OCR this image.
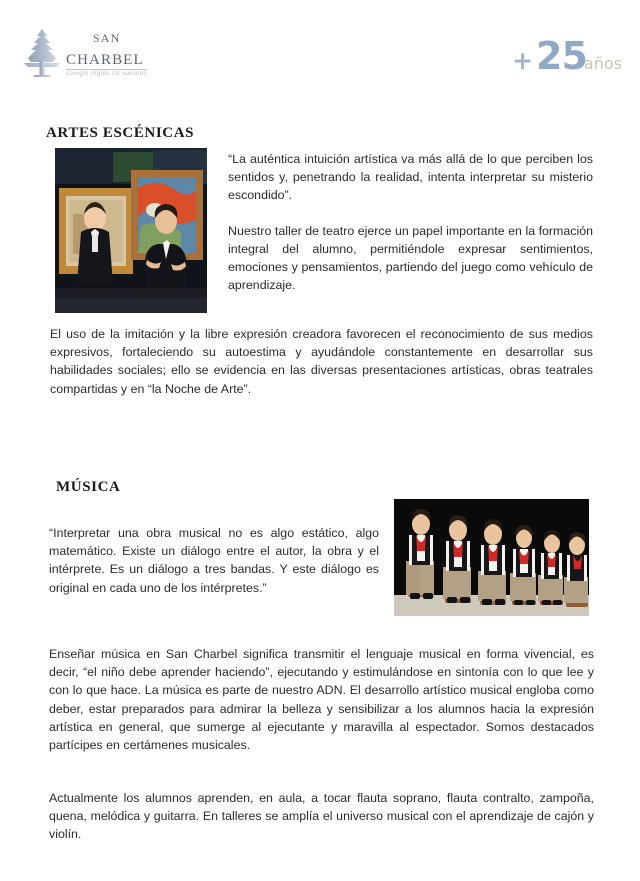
san
charbel
colegio inglés de varones	+ 25
años
ARTES ESCÉNICAS

“La auténtica intuición artística va más allá de lo que perciben los sentidos y, penetrando la realidad, intenta interpretar su misterio escondido”.

Nuestro taller de teatro ejerce un papel importante en la formación integral del alumno, permitiéndole expresar sentimientos, emociones y pensamientos, partiendo del juego como vehículo de aprendizaje.

El uso de la imitación y la libre expresión creadora favorecen el reconocimiento de sus medios expresivos, fortaleciendo su autoestima y ayudándole constantemente en desarrollar sus habilidades sociales; ello se evidencia en las diversas presentaciones artísticas, obras teatrales compartidas y en “la Noche de Arte”.

MÚSICA

“Interpretar una obra musical no es algo estático, algo matemático. Existe un diálogo entre el autor, la obra y el intérprete. Es un diálogo a tres bandas. Y este diálogo es original en cada uno de los intérpretes.”

Enseñar música en San Charbel significa transmitir el lenguaje musical en forma vivencial, es decir, “el niño debe aprender haciendo”, ejecutando y estimulándose en sintonía con lo que lee y con lo que hace. La música es parte de nuestro ADN. El desarrollo artístico musical engloba como deber, estar preparados para admirar la belleza y sensibilizar a los alumnos hacia la expresión artística en general, que sumerge al ejecutante y maravilla al espectador. Somos destacados partícipes en certámenes musicales.

Actualmente los alumnos aprenden, en aula, a tocar flauta soprano, flauta contralto, zampoña, quena, melódica y guitarra. En talleres se amplía el universo musical con el aprendizaje de cajón y violín.
